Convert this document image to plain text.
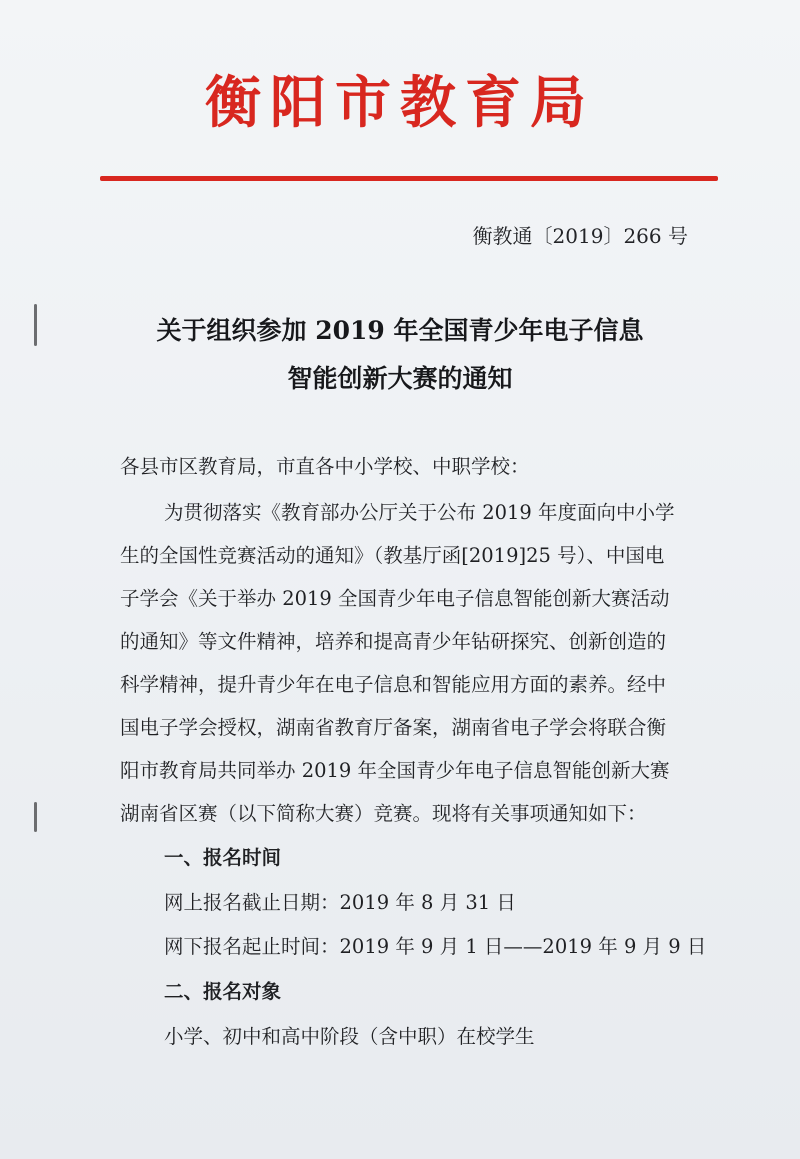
衡阳市教育局
衡教通〔2019〕266 号
关于组织参加 2019 年全国青少年电子信息
智能创新大赛的通知
各县市区教育局，市直各中小学校、中职学校：
为贯彻落实《教育部办公厅关于公布 2019 年度面向中小学
生的全国性竞赛活动的通知》（教基厅函[2019]25 号）、中国电
子学会《关于举办 2019 全国青少年电子信息智能创新大赛活动
的通知》等文件精神，培养和提高青少年钻研探究、创新创造的
科学精神，提升青少年在电子信息和智能应用方面的素养。经中
国电子学会授权，湖南省教育厅备案，湖南省电子学会将联合衡
阳市教育局共同举办 2019 年全国青少年电子信息智能创新大赛
湖南省区赛（以下简称大赛）竞赛。现将有关事项通知如下：
一、报名时间
网上报名截止日期：2019 年 8 月 31 日
网下报名起止时间：2019 年 9 月 1 日——2019 年 9 月 9 日
二、报名对象
小学、初中和高中阶段（含中职）在校学生
